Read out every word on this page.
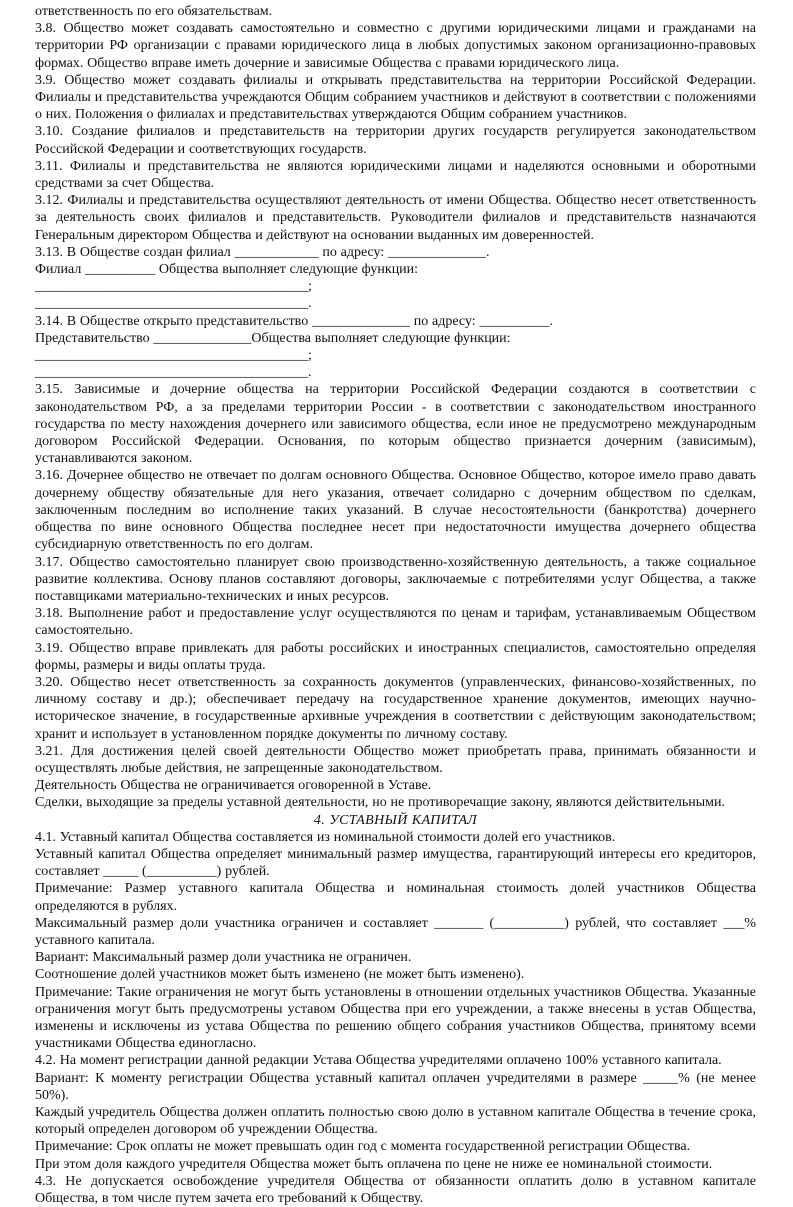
ответственность по его обязательствам.

3.8. Общество может создавать самостоятельно и совместно с другими юридическими лицами и гражданами на территории РФ организации с правами юридического лица в любых допустимых законом организационно-правовых формах. Общество вправе иметь дочерние и зависимые Общества с правами юридического лица.

3.9. Общество может создавать филиалы и открывать представительства на территории Российской Федерации. Филиалы и представительства учреждаются Общим собранием участников и действуют в соответствии с положениями о них. Положения о филиалах и представительствах утверждаются Общим собранием участников.

3.10. Создание филиалов и представительств на территории других государств регулируется законодательством Российской Федерации и соответствующих государств.

3.11. Филиалы и представительства не являются юридическими лицами и наделяются основными и оборотными средствами за счет Общества.

3.12. Филиалы и представительства осуществляют деятельность от имени Общества. Общество несет ответственность за деятельность своих филиалов и представительств. Руководители филиалов и представительств назначаются Генеральным директором Общества и действуют на основании выданных им доверенностей.

3.13. В Обществе создан филиал ____________ по адресу: ______________.

Филиал __________ Общества выполняет следующие функции:

_______________________________________;

_______________________________________.

3.14. В Обществе открыто представительство ______________ по адресу: __________.

Представительство ______________Общества выполняет следующие функции:

_______________________________________;

_______________________________________.

3.15. Зависимые и дочерние общества на территории Российской Федерации создаются в соответствии с законодательством РФ, а за пределами территории России - в соответствии с законодательством иностранного государства по месту нахождения дочернего или зависимого общества, если иное не предусмотрено международным договором Российской Федерации. Основания, по которым общество признается дочерним (зависимым), устанавливаются законом.

3.16. Дочернее общество не отвечает по долгам основного Общества. Основное Общество, которое имело право давать дочернему обществу обязательные для него указания, отвечает солидарно с дочерним обществом по сделкам, заключенным последним во исполнение таких указаний. В случае несостоятельности (банкротства) дочернего общества по вине основного Общества последнее несет при недостаточности имущества дочернего общества субсидиарную ответственность по его долгам.

3.17. Общество самостоятельно планирует свою производственно-хозяйственную деятельность, а также социальное развитие коллектива. Основу планов составляют договоры, заключаемые с потребителями услуг Общества, а также поставщиками материально-технических и иных ресурсов.

3.18. Выполнение работ и предоставление услуг осуществляются по ценам и тарифам, устанавливаемым Обществом самостоятельно.

3.19. Общество вправе привлекать для работы российских и иностранных специалистов, самостоятельно определяя формы, размеры и виды оплаты труда.

3.20. Общество несет ответственность за сохранность документов (управленческих, финансово-хозяйственных, по личному составу и др.); обеспечивает передачу на государственное хранение документов, имеющих научно-историческое значение, в государственные архивные учреждения в соответствии с действующим законодательством; хранит и использует в установленном порядке документы по личному составу.

3.21. Для достижения целей своей деятельности Общество может приобретать права, принимать обязанности и осуществлять любые действия, не запрещенные законодательством.

Деятельность Общества не ограничивается оговоренной в Уставе.

Сделки, выходящие за пределы уставной деятельности, но не противоречащие закону, являются действительными.

4. УСТАВНЫЙ КАПИТАЛ

4.1. Уставный капитал Общества составляется из номинальной стоимости долей его участников.

Уставный капитал Общества определяет минимальный размер имущества, гарантирующий интересы его кредиторов, составляет _____ (__________) рублей.

Примечание: Размер уставного капитала Общества и номинальная стоимость долей участников Общества определяются в рублях.

Максимальный размер доли участника ограничен и составляет _______ (__________) рублей, что составляет ___% уставного капитала.

Вариант: Максимальный размер доли участника не ограничен.

Соотношение долей участников может быть изменено (не может быть изменено).

Примечание: Такие ограничения не могут быть установлены в отношении отдельных участников Общества. Указанные ограничения могут быть предусмотрены уставом Общества при его учреждении, а также внесены в устав Общества, изменены и исключены из устава Общества по решению общего собрания участников Общества, принятому всеми участниками Общества единогласно.

4.2. На момент регистрации данной редакции Устава Общества учредителями оплачено 100% уставного капитала.

Вариант: К моменту регистрации Общества уставный капитал оплачен учредителями в размере _____% (не менее 50%).

Каждый учредитель Общества должен оплатить полностью свою долю в уставном капитале Общества в течение срока, который определен договором об учреждении Общества.

Примечание: Срок оплаты не может превышать один год с момента государственной регистрации Общества.

При этом доля каждого учредителя Общества может быть оплачена по цене не ниже ее номинальной стоимости.

4.3. Не допускается освобождение учредителя Общества от обязанности оплатить долю в уставном капитале Общества, в том числе путем зачета его требований к Обществу.
